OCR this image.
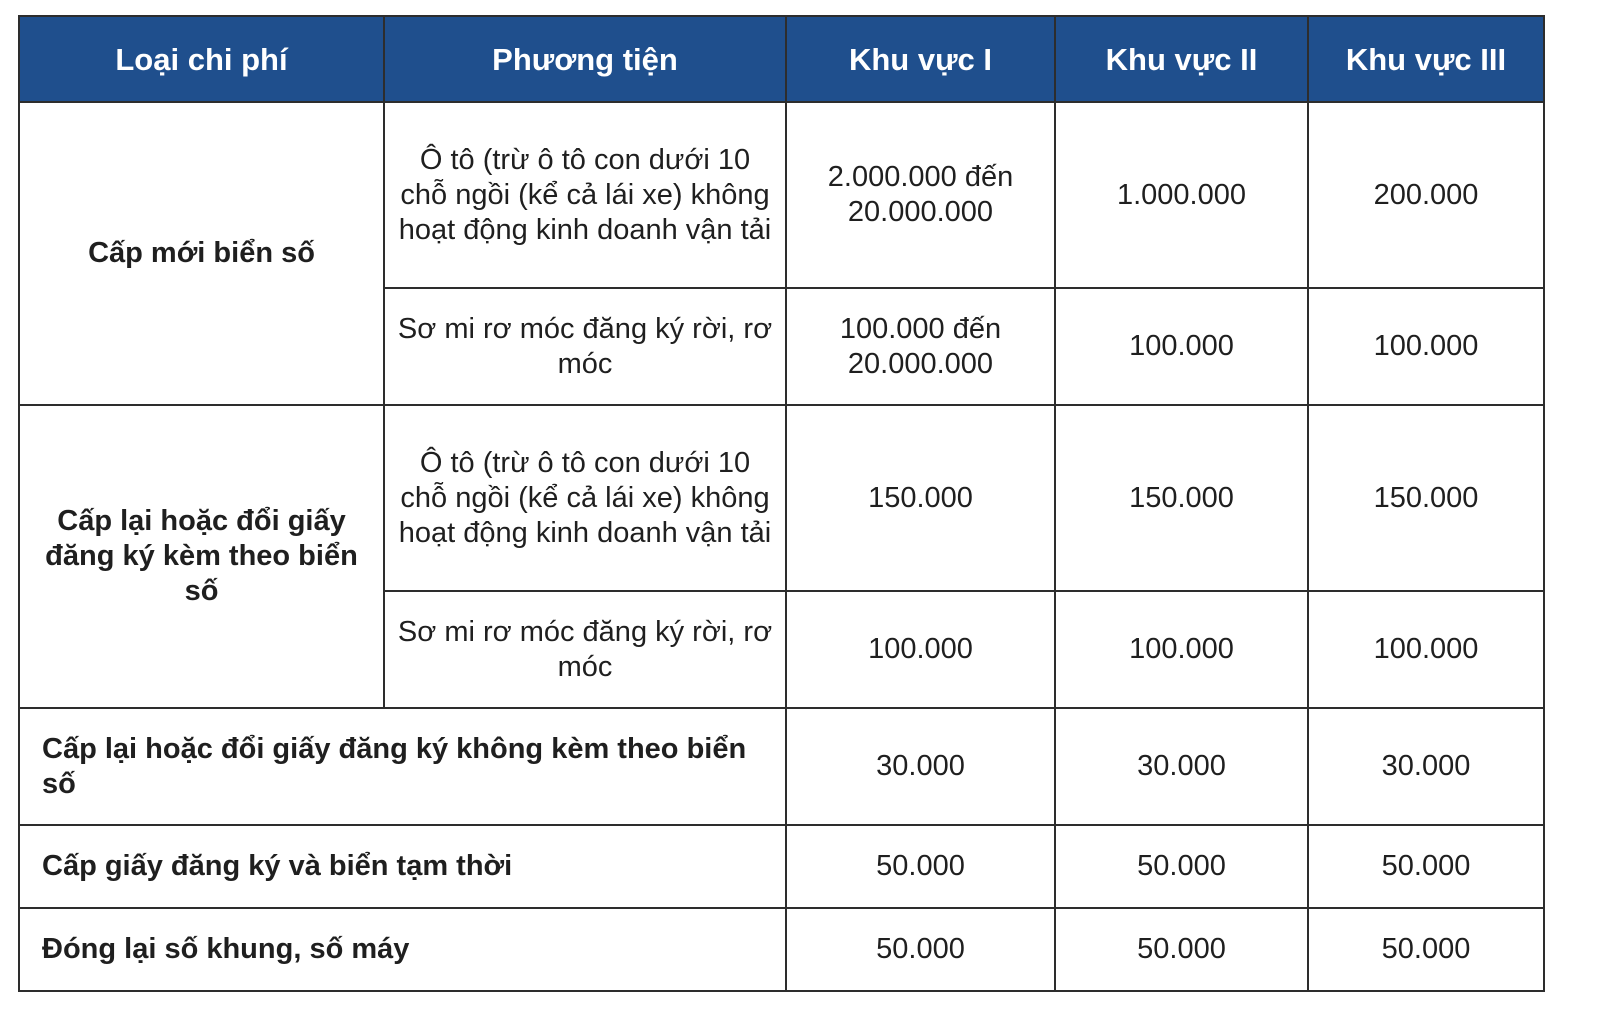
Loại chi phí	Phương tiện	Khu vực I	Khu vực II	Khu vực III
Cấp mới biển số	Ô tô (trừ ô tô con dưới 10 chỗ ngồi (kể cả lái xe) không hoạt động kinh doanh vận tải	2.000.000 đến 20.000.000	1.000.000	200.000
	Sơ mi rơ móc đăng ký rời, rơ móc	100.000 đến 20.000.000	100.000	100.000
Cấp lại hoặc đổi giấy đăng ký kèm theo biển số	Ô tô (trừ ô tô con dưới 10 chỗ ngồi (kể cả lái xe) không hoạt động kinh doanh vận tải	150.000	150.000	150.000
	Sơ mi rơ móc đăng ký rời, rơ móc	100.000	100.000	100.000
Cấp lại hoặc đổi giấy đăng ký không kèm theo biển số		30.000	30.000	30.000
Cấp giấy đăng ký và biển tạm thời		50.000	50.000	50.000
Đóng lại số khung, số máy		50.000	50.000	50.000
